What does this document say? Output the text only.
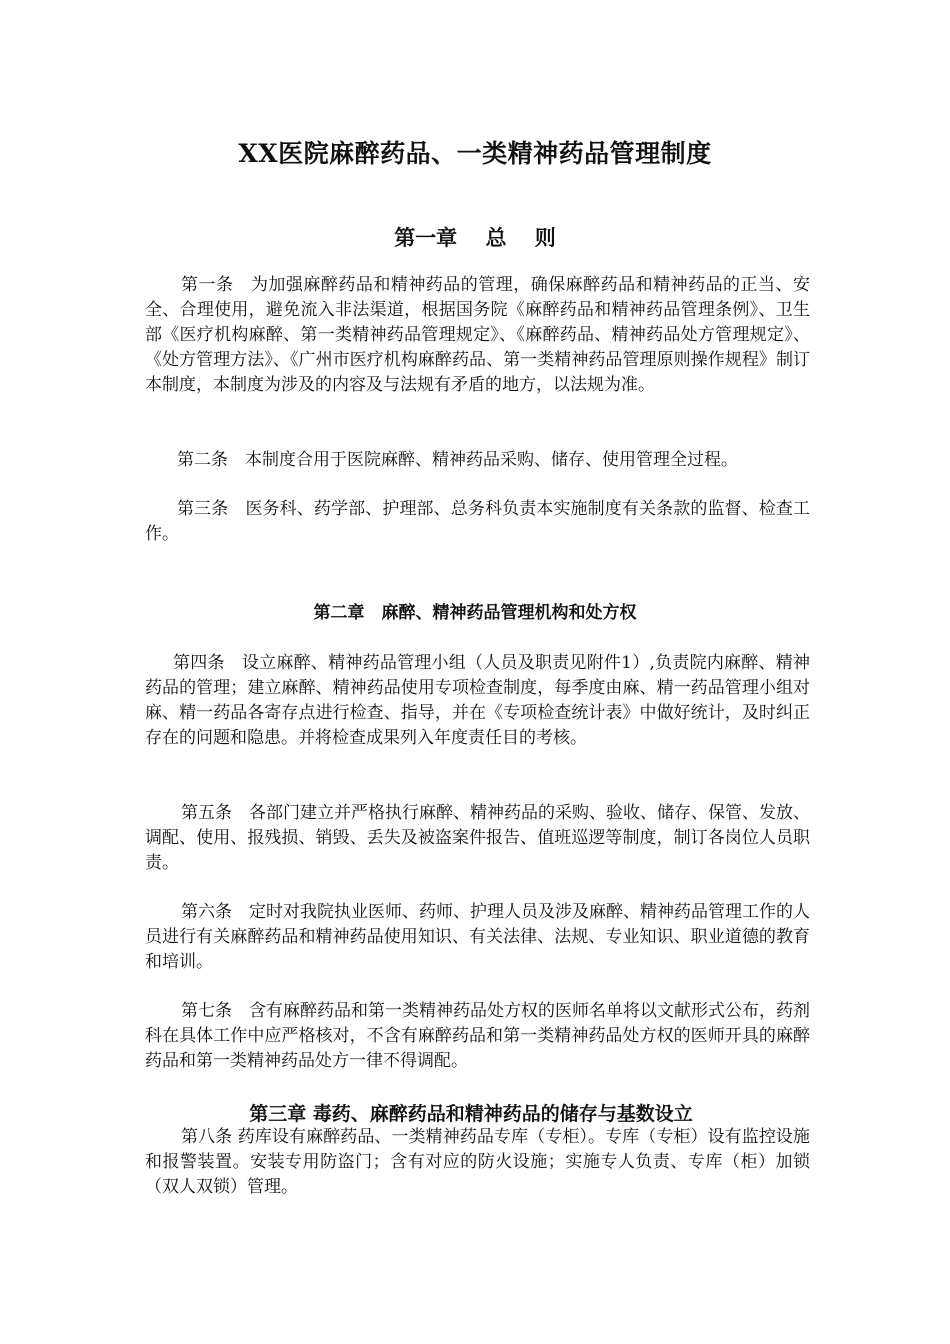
XX医院麻醉药品、一类精神药品管理制度
第一章　 总　 则

第一条　为加强麻醉药品和精神药品的管理，确保麻醉药品和精神药品的正当、安全、合理使用，避免流入非法渠道，根据国务院《麻醉药品和精神药品管理条例》、卫生部《医疗机构麻醉、第一类精神药品管理规定》、《麻醉药品、精神药品处方管理规定》、《处方管理方法》、《广州市医疗机构麻醉药品、第一类精神药品管理原则操作规程》制订本制度，本制度为涉及的内容及与法规有矛盾的地方，以法规为准。

第二条　本制度合用于医院麻醉、精神药品采购、储存、使用管理全过程。

第三条　医务科、药学部、护理部、总务科负责本实施制度有关条款的监督、检查工作。

第二章　麻醉、精神药品管理机构和处方权

第四条　设立麻醉、精神药品管理小组（人员及职责见附件1）,负责院内麻醉、精神药品的管理；建立麻醉、精神药品使用专项检查制度，每季度由麻、精一药品管理小组对麻、精一药品各寄存点进行检查、指导，并在《专项检查统计表》中做好统计，及时纠正存在的问题和隐患。并将检查成果列入年度责任目的考核。

第五条　各部门建立并严格执行麻醉、精神药品的采购、验收、储存、保管、发放、调配、使用、报残损、销毁、丢失及被盗案件报告、值班巡逻等制度，制订各岗位人员职责。

第六条　定时对我院执业医师、药师、护理人员及涉及麻醉、精神药品管理工作的人员进行有关麻醉药品和精神药品使用知识、有关法律、法规、专业知识、职业道德的教育和培训。

第七条　含有麻醉药品和第一类精神药品处方权的医师名单将以文献形式公布，药剂科在具体工作中应严格核对，不含有麻醉药品和第一类精神药品处方权的医师开具的麻醉药品和第一类精神药品处方一律不得调配。

第三章 毒药、麻醉药品和精神药品的储存与基数设立

第八条 药库设有麻醉药品、一类精神药品专库（专柜）。专库（专柜）设有监控设施和报警装置。安装专用防盗门；含有对应的防火设施；实施专人负责、专库（柜）加锁（双人双锁）管理。
